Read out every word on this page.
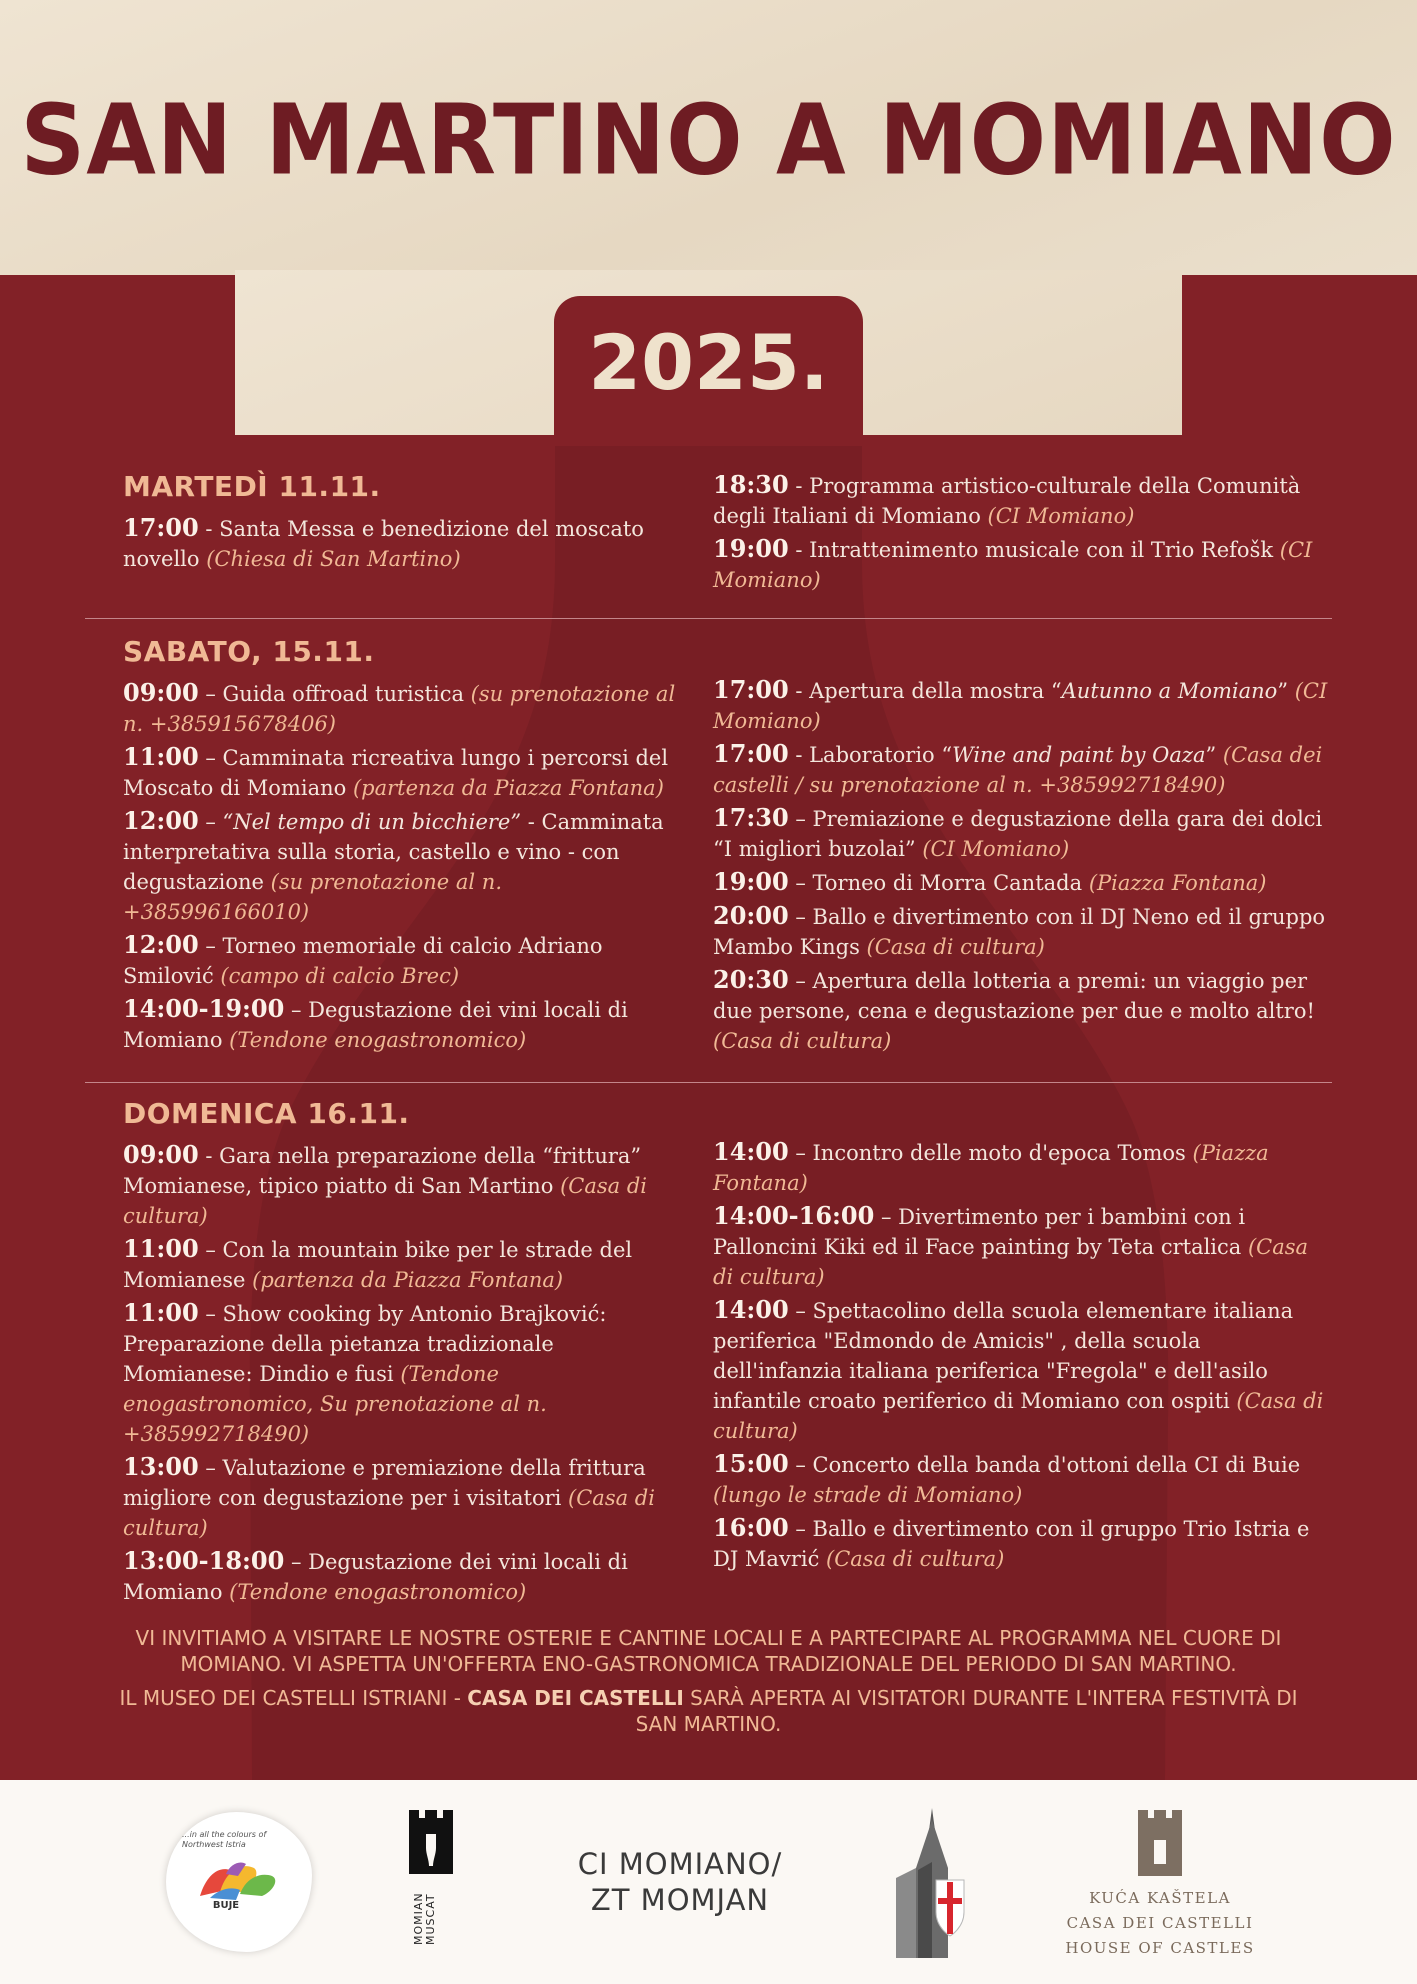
SAN MARTINO A MOMIANO
2025.
MARTEDÌ 11.11.
17:00 - Santa Messa e benedizione del moscato novello (Chiesa di San Martino)
18:30 - Programma artistico-culturale della Comunità degli Italiani di Momiano (CI Momiano)
19:00 - Intrattenimento musicale con il Trio Refošk (CI Momiano)
SABATO, 15.11.
09:00 – Guida offroad turistica (su prenotazione al n. +385915678406)
11:00 – Camminata ricreativa lungo i percorsi del Moscato di Momiano (partenza da Piazza Fontana)
12:00 – “Nel tempo di un bicchiere” - Camminata interpretativa sulla storia, castello e vino - con degustazione (su prenotazione al n. +385996166010)
12:00 – Torneo memoriale di calcio Adriano Smilović (campo di calcio Brec)
14:00-19:00 – Degustazione dei vini locali di Momiano (Tendone enogastronomico)
17:00 - Apertura della mostra “Autunno a Momiano” (CI Momiano)
17:00 - Laboratorio “Wine and paint by Oaza” (Casa dei castelli / su prenotazione al n. +385992718490)
17:30 – Premiazione e degustazione della gara dei dolci “I migliori buzolai” (CI Momiano)
19:00 – Torneo di Morra Cantada (Piazza Fontana)
20:00 – Ballo e divertimento con il DJ Neno ed il gruppo Mambo Kings (Casa di cultura)
20:30 – Apertura della lotteria a premi: un viaggio per due persone, cena e degustazione per due e molto altro! (Casa di cultura)
DOMENICA 16.11.
09:00 - Gara nella preparazione della “frittura” Momianese, tipico piatto di San Martino (Casa di cultura)
11:00 – Con la mountain bike per le strade del Momianese (partenza da Piazza Fontana)
11:00 – Show cooking by Antonio Brajković: Preparazione della pietanza tradizionale Momianese: Dindio e fusi (Tendone enogastronomico, Su prenotazione al n. +385992718490)
13:00 – Valutazione e premiazione della frittura migliore con degustazione per i visitatori (Casa di cultura)
13:00-18:00 – Degustazione dei vini locali di Momiano (Tendone enogastronomico)
14:00 – Incontro delle moto d'epoca Tomos (Piazza Fontana)
14:00-16:00 – Divertimento per i bambini con i Palloncini Kiki ed il Face painting by Teta crtalica (Casa di cultura)
14:00 – Spettacolino della scuola elementare italiana periferica "Edmondo de Amicis" , della scuola dell'infanzia italiana periferica "Fregola" e dell'asilo infantile croato periferico di Momiano con ospiti (Casa di cultura)
15:00 – Concerto della banda d'ottoni della CI di Buie (lungo le strade di Momiano)
16:00 – Ballo e divertimento con il gruppo Trio Istria e DJ Mavrić (Casa di cultura)

VI INVITIAMO A VISITARE LE NOSTRE OSTERIE E CANTINE LOCALI E A PARTECIPARE AL PROGRAMMA NEL CUORE DI MOMIANO. VI ASPETTA UN'OFFERTA ENO-GASTRONOMICA TRADIZIONALE DEL PERIODO DI SAN MARTINO.

IL MUSEO DEI CASTELLI ISTRIANI - CASA DEI CASTELLI SARÀ APERTA AI VISITATORI DURANTE L'INTERA FESTIVITÀ DI SAN MARTINO.

...in all the colours of Northwest Istria
BUJE	MOMIAN
MUSCAT
CI MOMIANO/
ZT MOMJAN	KUĆA KAŠTELA
CASA DEI CASTELLI
HOUSE OF CASTLES
